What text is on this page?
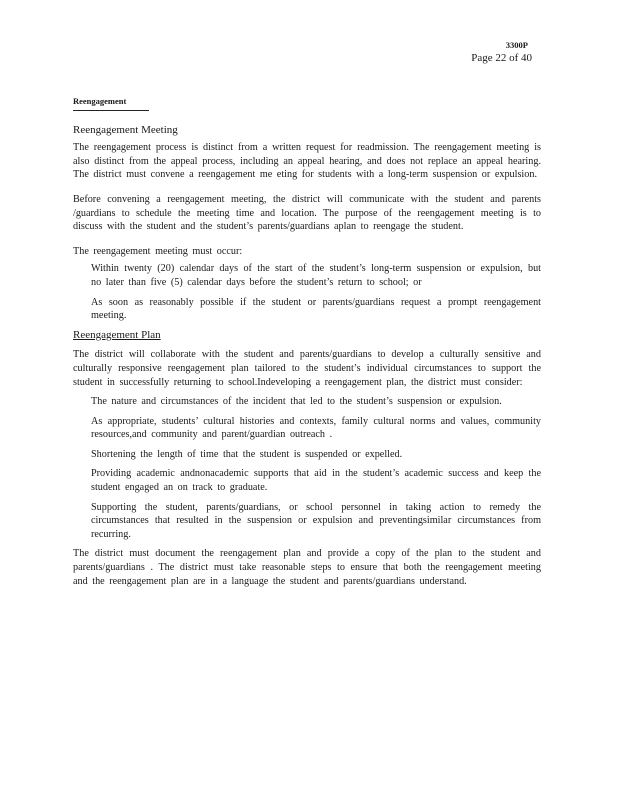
3300P
Page 22 of 40
Reengagement
Reengagement Meeting

The reengagement process is distinct from a written request for readmission. The reengagement meeting is also distinct from the appeal process, including an appeal hearing, and does not replace an appeal hearing. The district must convene a reengagement me eting for students with a long-term suspension or expulsion.

Before convening a reengagement meeting, the district will communicate with the student and parents /guardians to schedule the meeting time and location. The purpose of the reengagement meeting is to discuss with the student and the student’s parents/guardians aplan to reengage the student.

The reengagement meeting must occur:

Within twenty (20) calendar days of the start of the student’s long-term suspension or expulsion, but no later than five (5) calendar days before the student’s return to school; or
As soon as reasonably possible if the student or parents/guardians request a prompt reengagement meeting.
Reengagement Plan

The district will collaborate with the student and parents/guardians to develop a culturally sensitive and culturally responsive reengagement plan tailored to the student’s individual circumstances to support the student in successfully returning to school.Indeveloping a reengagement plan, the district must consider:

The nature and circumstances of the incident that led to the student’s suspension or expulsion.
As appropriate, students’ cultural histories and contexts, family cultural norms and values, community resources,and community and parent/guardian outreach .
Shortening the length of time that the student is suspended or expelled.
Providing academic andnonacademic supports that aid in the student’s academic success and keep the student engaged an on track to graduate.
Supporting the student, parents/guardians, or school personnel in taking action to remedy the circumstances that resulted in the suspension or expulsion and preventingsimilar circumstances from recurring.

The district must document the reengagement plan and provide a copy of the plan to the student and parents/guardians . The district must take reasonable steps to ensure that both the reengagement meeting and the reengagement plan are in a language the student and parents/guardians understand.
